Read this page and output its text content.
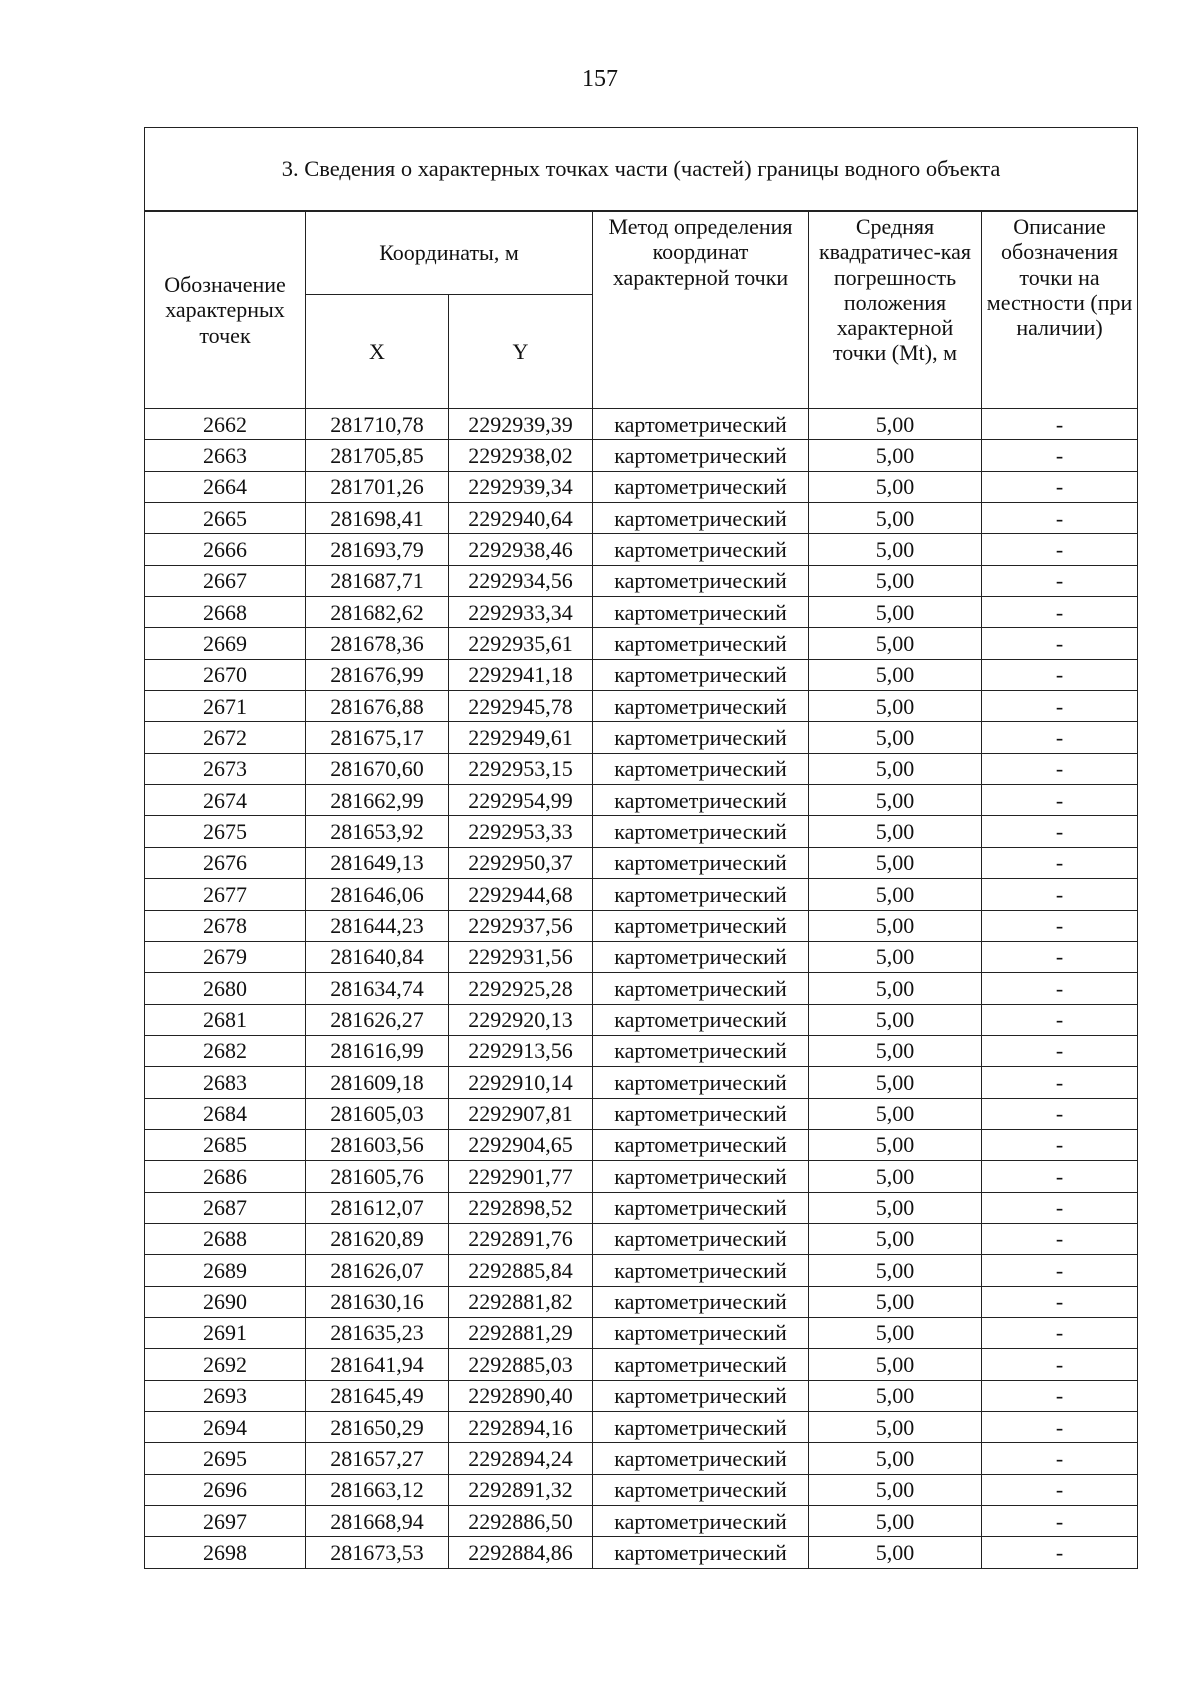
157
3. Сведения о характерных точках части (частей) границы водного объекта					
Обозначение характерных точек	Координаты, м		Метод определения координат характерной точки	Средняя квадратичес-кая погрешность положения характерной точки (Mt), м	Описание обозначения точки на местности (при наличии)
	X	Y			
2662	281710,78	2292939,39	картометрический	5,00	-
2663	281705,85	2292938,02	картометрический	5,00	-
2664	281701,26	2292939,34	картометрический	5,00	-
2665	281698,41	2292940,64	картометрический	5,00	-
2666	281693,79	2292938,46	картометрический	5,00	-
2667	281687,71	2292934,56	картометрический	5,00	-
2668	281682,62	2292933,34	картометрический	5,00	-
2669	281678,36	2292935,61	картометрический	5,00	-
2670	281676,99	2292941,18	картометрический	5,00	-
2671	281676,88	2292945,78	картометрический	5,00	-
2672	281675,17	2292949,61	картометрический	5,00	-
2673	281670,60	2292953,15	картометрический	5,00	-
2674	281662,99	2292954,99	картометрический	5,00	-
2675	281653,92	2292953,33	картометрический	5,00	-
2676	281649,13	2292950,37	картометрический	5,00	-
2677	281646,06	2292944,68	картометрический	5,00	-
2678	281644,23	2292937,56	картометрический	5,00	-
2679	281640,84	2292931,56	картометрический	5,00	-
2680	281634,74	2292925,28	картометрический	5,00	-
2681	281626,27	2292920,13	картометрический	5,00	-
2682	281616,99	2292913,56	картометрический	5,00	-
2683	281609,18	2292910,14	картометрический	5,00	-
2684	281605,03	2292907,81	картометрический	5,00	-
2685	281603,56	2292904,65	картометрический	5,00	-
2686	281605,76	2292901,77	картометрический	5,00	-
2687	281612,07	2292898,52	картометрический	5,00	-
2688	281620,89	2292891,76	картометрический	5,00	-
2689	281626,07	2292885,84	картометрический	5,00	-
2690	281630,16	2292881,82	картометрический	5,00	-
2691	281635,23	2292881,29	картометрический	5,00	-
2692	281641,94	2292885,03	картометрический	5,00	-
2693	281645,49	2292890,40	картометрический	5,00	-
2694	281650,29	2292894,16	картометрический	5,00	-
2695	281657,27	2292894,24	картометрический	5,00	-
2696	281663,12	2292891,32	картометрический	5,00	-
2697	281668,94	2292886,50	картометрический	5,00	-
2698	281673,53	2292884,86	картометрический	5,00	-
